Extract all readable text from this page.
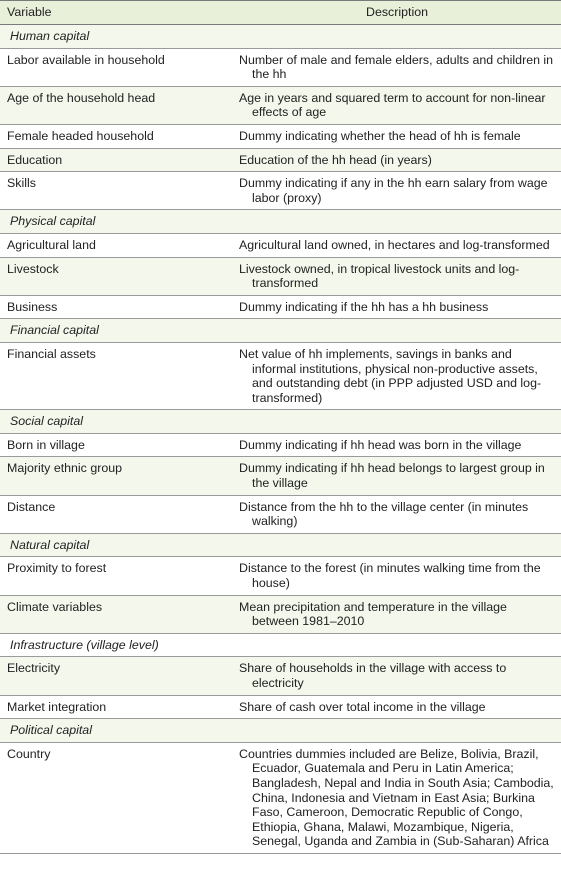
Variable	Description
Human capital	

Labor available in household	Number of male and female elders, adults and children in the hh

Age of the household head	Age in years and squared term to account for non-linear effects of age

Female headed household	Dummy indicating whether the head of hh is female

Education	Education of the hh head (in years)

Skills	Dummy indicating if any in the hh earn salary from wage labor (proxy)

Physical capital	

Agricultural land	Agricultural land owned, in hectares and log-transformed

Livestock	Livestock owned, in tropical livestock units and log-transformed

Business	Dummy indicating if the hh has a hh business

Financial capital	

Financial assets	Net value of hh implements, savings in banks and informal institutions, physical non-productive assets, and outstanding debt (in PPP adjusted USD and log-transformed)

Social capital	

Born in village	Dummy indicating if hh head was born in the village

Majority ethnic group	Dummy indicating if hh head belongs to largest group in the village

Distance	Distance from the hh to the village center (in minutes walking)

Natural capital	

Proximity to forest	Distance to the forest (in minutes walking time from the house)

Climate variables	Mean precipitation and temperature in the village between 1981–2010

Infrastructure (village level)	

Electricity	Share of households in the village with access to electricity

Market integration	Share of cash over total income in the village

Political capital	

Country	Countries dummies included are Belize, Bolivia, Brazil, Ecuador, Guatemala and Peru in Latin America; Bangladesh, Nepal and India in South Asia; Cambodia, China, Indonesia and Vietnam in East Asia; Burkina Faso, Cameroon, Democratic Republic of Congo, Ethiopia, Ghana, Malawi, Mozambique, Nigeria, Senegal, Uganda and Zambia in (Sub-Saharan) Africa
